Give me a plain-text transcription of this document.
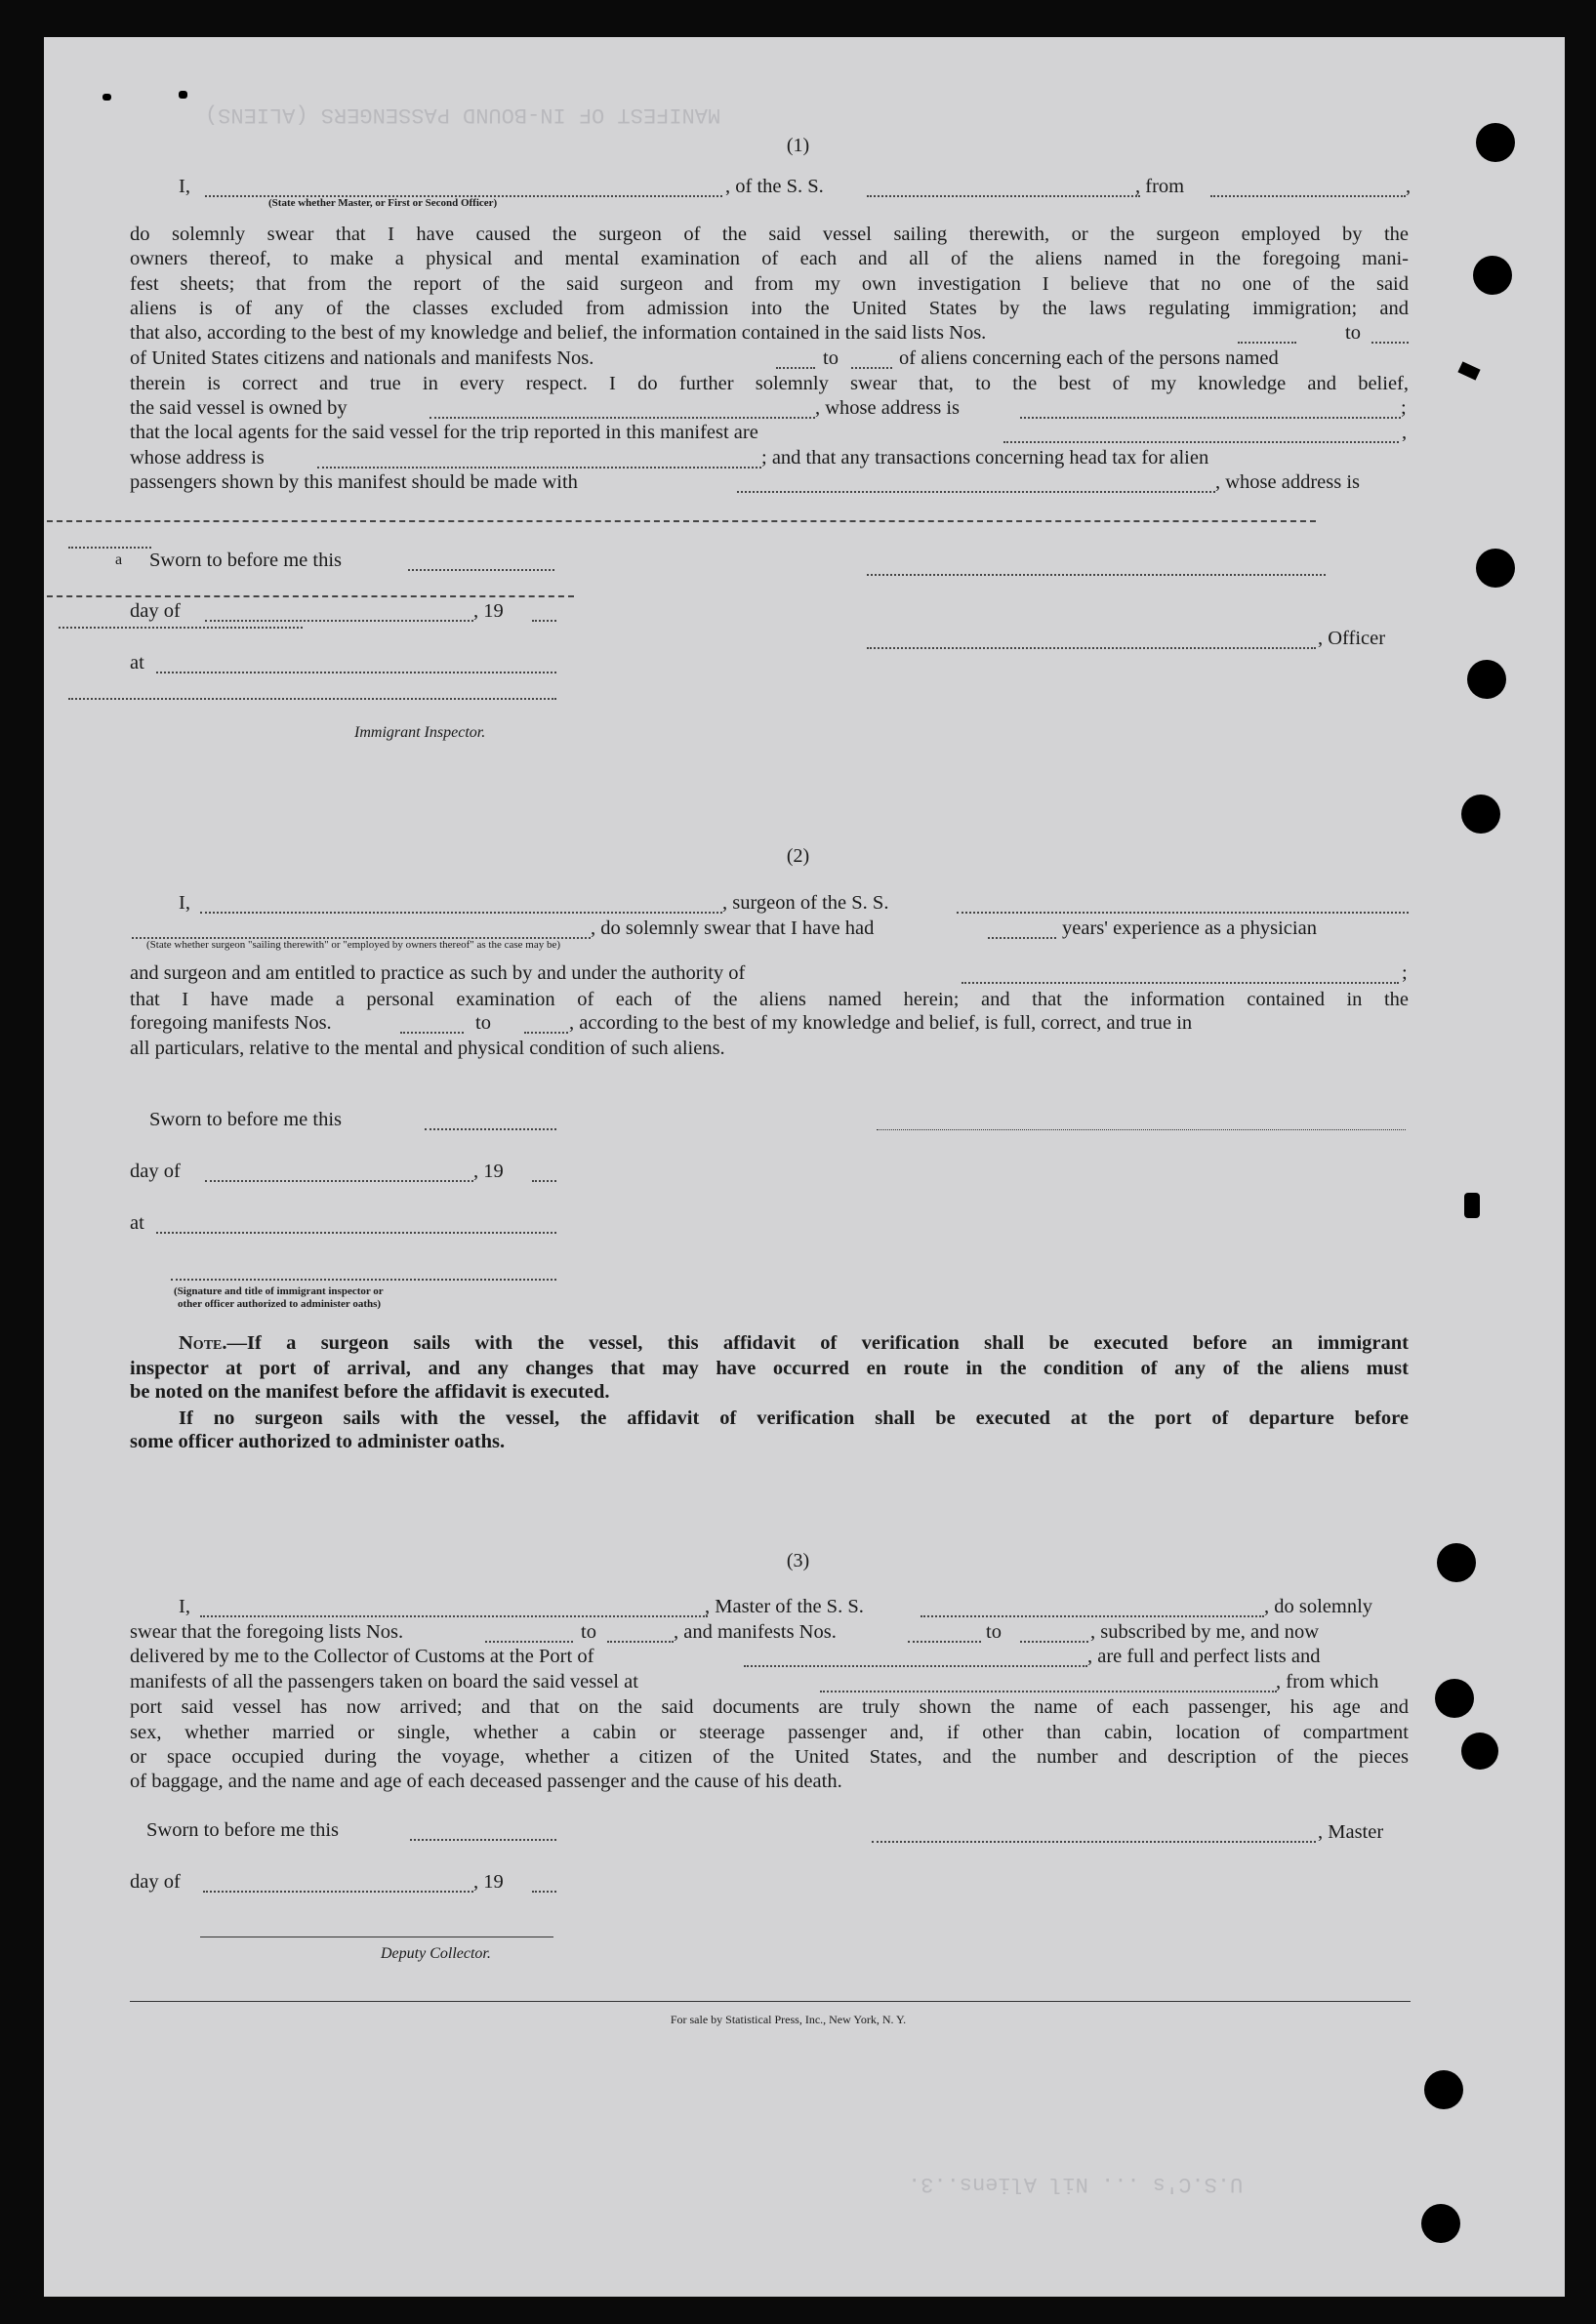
MANIFEST OF IN-BOUND PASSENGERS (ALIENS)
U.S.C's ... Nil Aliens..3.
(1)
I,	, of the S. S.	, from	,
(State whether Master, or First or Second Officer)
do solemnly swear that I have caused the surgeon of the said vessel sailing therewith, or the surgeon employed by the
owners thereof, to make a physical and mental examination of each and all of the aliens named in the foregoing mani-
fest sheets; that from the report of the said surgeon and from my own investigation I believe that no one of the said
aliens is of any of the classes excluded from admission into the United States by the laws regulating immigration; and
that also, according to the best of my knowledge and belief, the information contained in the said lists Nos.	to
of United States citizens and nationals and manifests Nos.	to	of aliens concerning each of the persons named
therein is correct and true in every respect. I do further solemnly swear that, to the best of my knowledge and belief,
the said vessel is owned by	, whose address is	;
that the local agents for the said vessel for the trip reported in this manifest are	,
whose address is	; and that any transactions concerning head tax for alien
passengers shown by this manifest should be made with	, whose address is
a Sworn to before me this
day of	, 19
, Officer
at
Immigrant Inspector.
(2)
I,	, surgeon of the S. S.
, do solemnly swear that I have had	years' experience as a physician
(State whether surgeon "sailing therewith" or "employed by owners thereof" as the case may be)
and surgeon and am entitled to practice as such by and under the authority of	;
that I have made a personal examination of each of the aliens named herein; and that the information contained in the
foregoing manifests Nos.	to	, according to the best of my knowledge and belief, is full, correct, and true in
all particulars, relative to the mental and physical condition of such aliens.
Sworn to before me this
day of	, 19
at
(Signature and title of immigrant inspector or
other officer authorized to administer oaths)
Note.—If a surgeon sails with the vessel, this affidavit of verification shall be executed before an immigrant
inspector at port of arrival, and any changes that may have occurred en route in the condition of any of the aliens must
be noted on the manifest before the affidavit is executed.
If no surgeon sails with the vessel, the affidavit of verification shall be executed at the port of departure before
some officer authorized to administer oaths.
(3)
I,	, Master of the S. S.	, do solemnly
swear that the foregoing lists Nos.	to	, and manifests Nos.	to	, subscribed by me, and now
delivered by me to the Collector of Customs at the Port of	, are full and perfect lists and
manifests of all the passengers taken on board the said vessel at	, from which
port said vessel has now arrived; and that on the said documents are truly shown the name of each passenger, his age and
sex, whether married or single, whether a cabin or steerage passenger and, if other than cabin, location of compartment
or space occupied during the voyage, whether a citizen of the United States, and the number and description of the pieces
of baggage, and the name and age of each deceased passenger and the cause of his death.
Sworn to before me this	, Master
day of	, 19
Deputy Collector.
For sale by Statistical Press, Inc., New York, N. Y.
